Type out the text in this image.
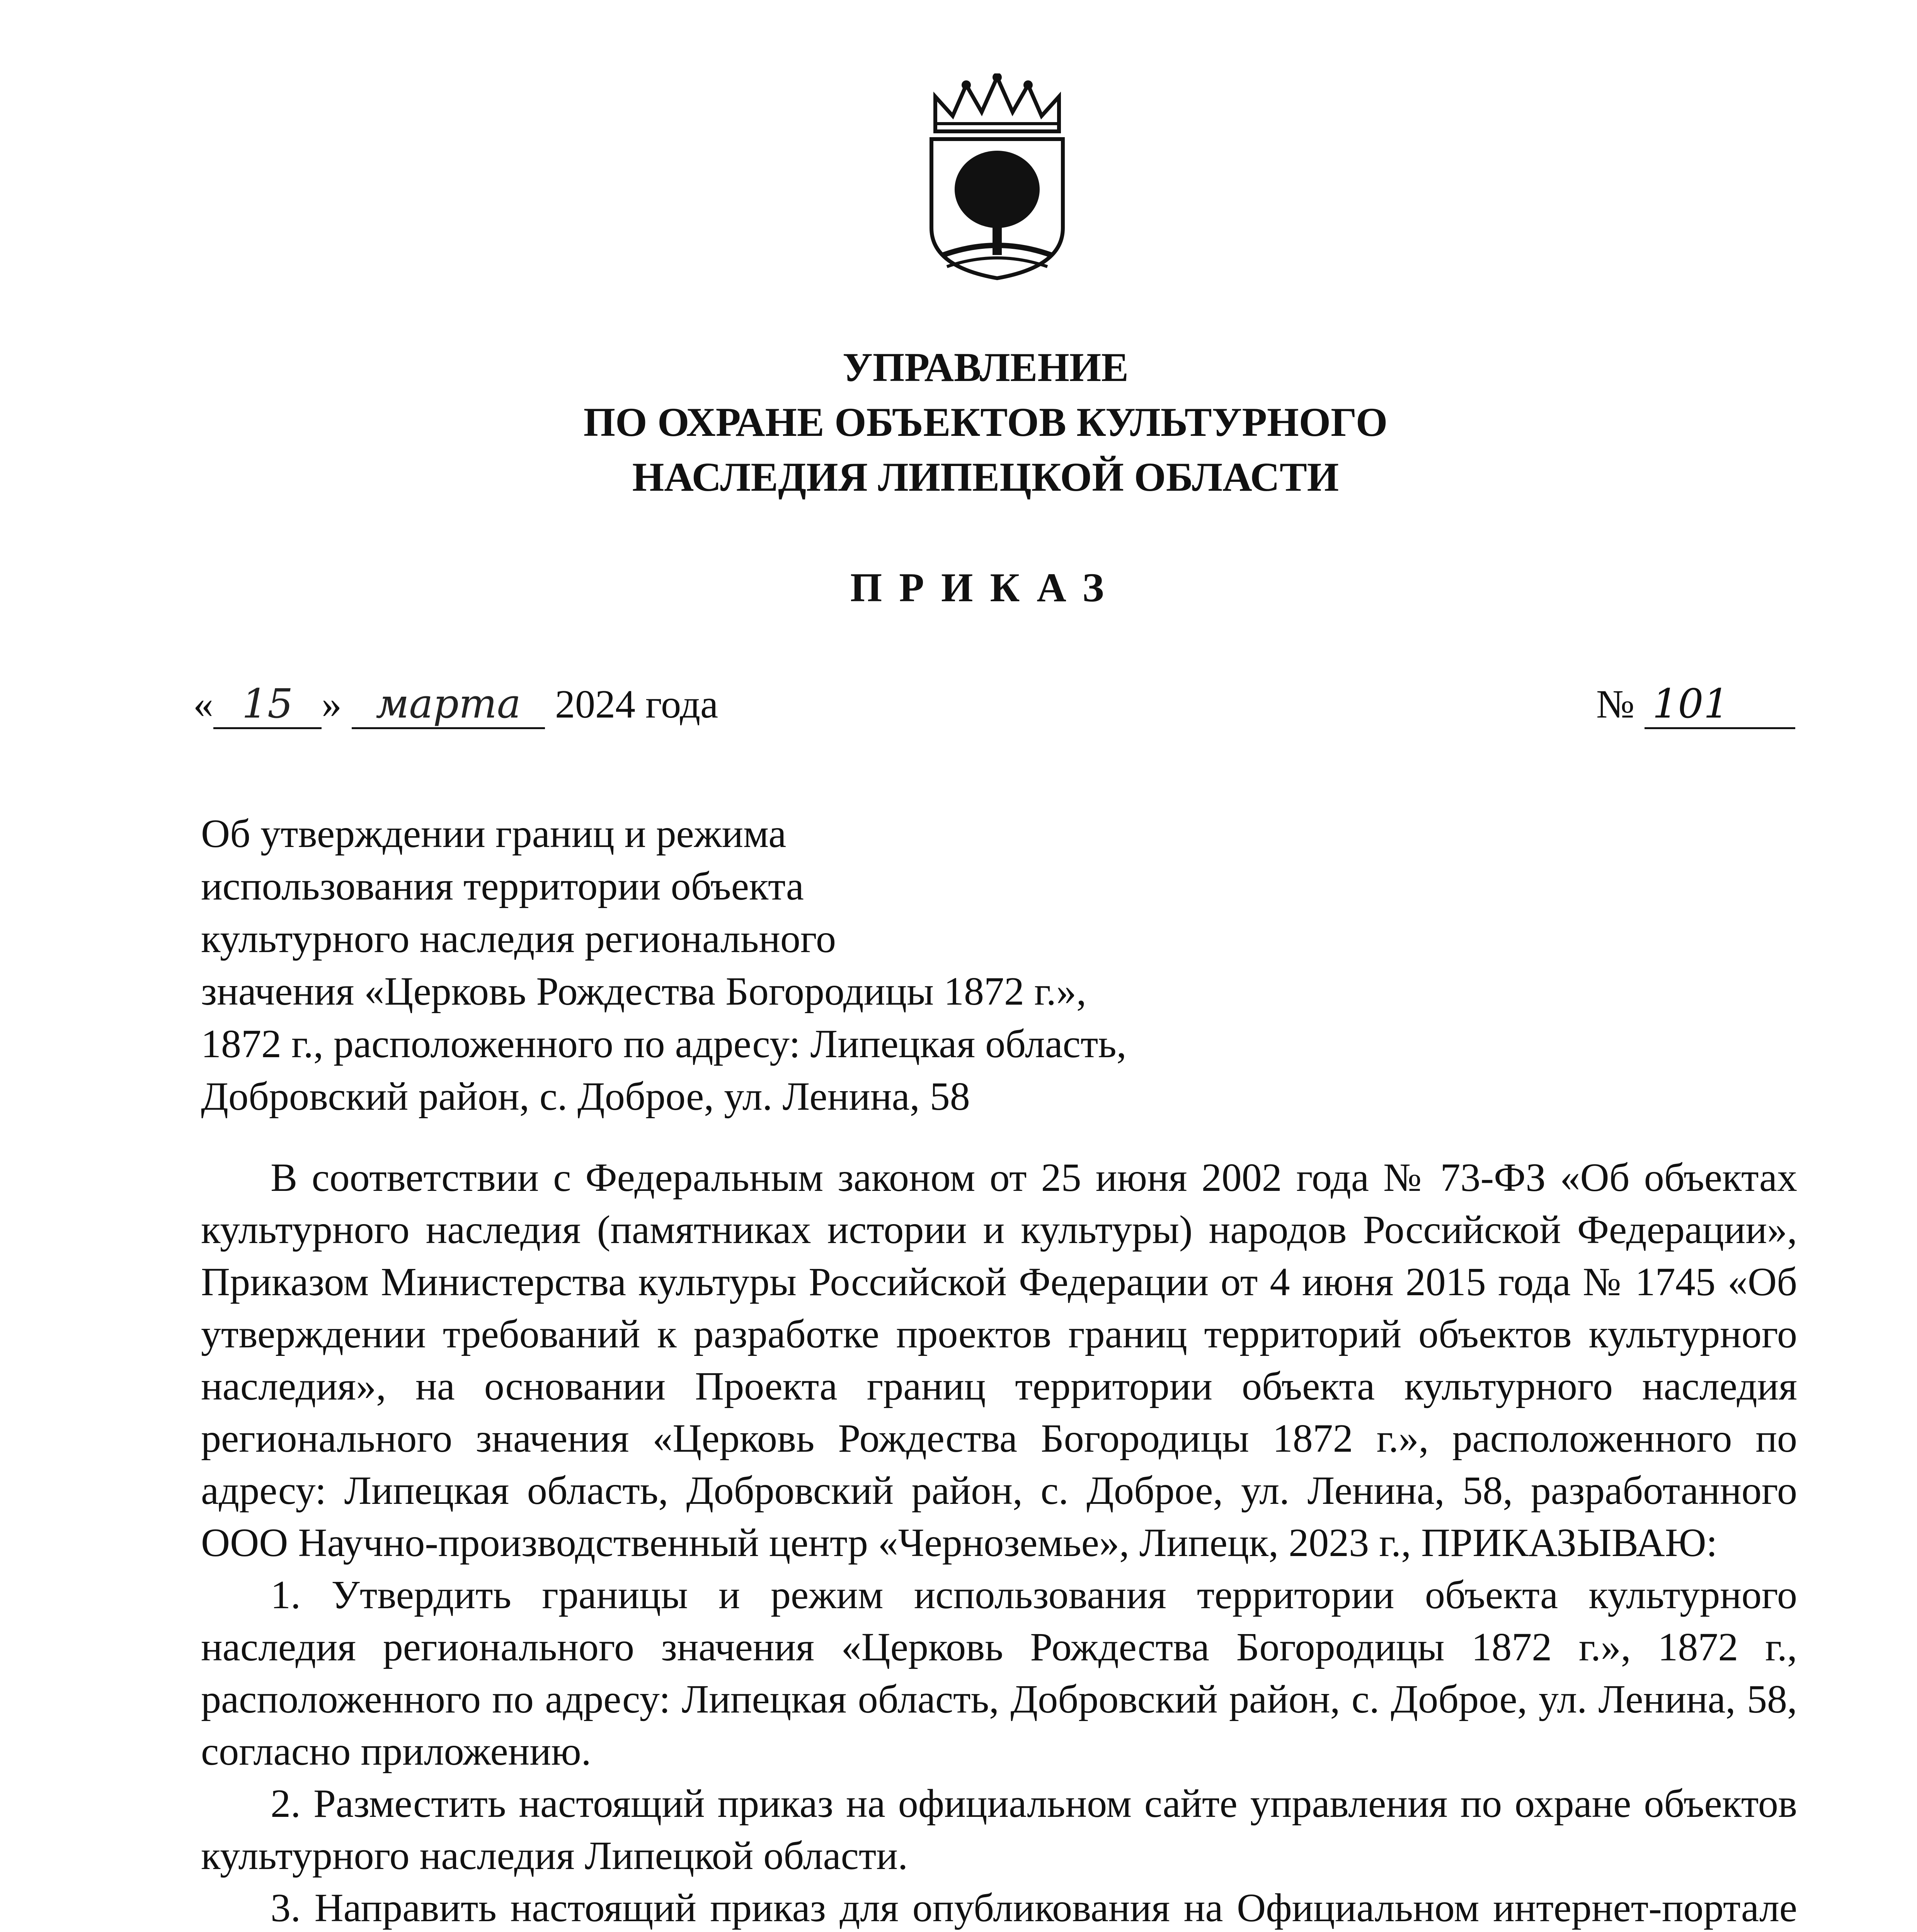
УПРАВЛЕНИЕ
ПО ОХРАНЕ ОБЪЕКТОВ КУЛЬТУРНОГО
НАСЛЕДИЯ ЛИПЕЦКОЙ ОБЛАСТИ
ПРИКАЗ
« 15 » марта 2024 года	№ 101
Об утверждении границ и режима
использования территории объекта
культурного наследия регионального
значения «Церковь Рождества Богородицы 1872 г.»,
1872 г., расположенного по адресу: Липецкая область,
Добровский район, с. Доброе, ул. Ленина, 58

В соответствии с Федеральным законом от 25 июня 2002 года № 73-ФЗ «Об объектах культурного наследия (памятниках истории и культуры) народов Российской Федерации», Приказом Министерства культуры Российской Федерации от 4 июня 2015 года № 1745 «Об утверждении требований к разработке проектов границ территорий объектов культурного наследия», на основании Проекта границ территории объекта культурного наследия регионального значения «Церковь Рождества Богородицы 1872 г.», расположенного по адресу: Липецкая область, Добровский район, с. Доброе, ул. Ленина, 58, разработанного ООО Научно-производственный центр «Черноземье», Липецк, 2023 г., ПРИКАЗЫВАЮ:

1. Утвердить границы и режим использования территории объекта культурного наследия регионального значения «Церковь Рождества Богородицы 1872 г.», 1872 г., расположенного по адресу: Липецкая область, Добровский район, с. Доброе, ул. Ленина, 58, согласно приложению.

2. Разместить настоящий приказ на официальном сайте управления по охране объектов культурного наследия Липецкой области.

3. Направить настоящий приказ для опубликования на Официальном интернет-портале
